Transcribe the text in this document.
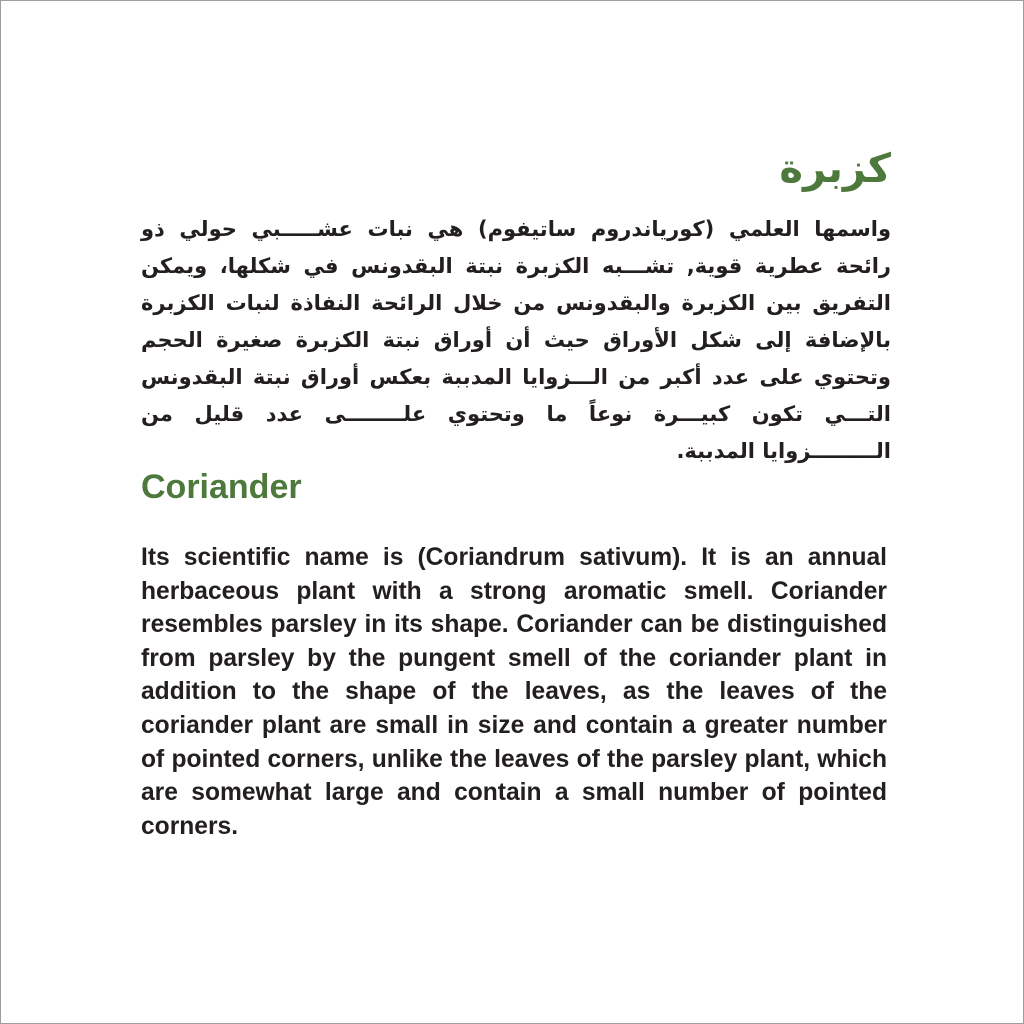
كزبرة

واسمها العلمي (كورياندروم ساتيفوم) هي نبات عشـــــبي حولي ذو رائحة عطرية قوية, تشـــبه الكزبرة نبتة البقدونس في شكلها، ويمكن التفريق بين الكزبرة والبقدونس من خلال الرائحة النفاذة لنبات الكزبرة بالإضافة إلى شكل الأوراق حيث أن أوراق نبتة الكزبرة صغيرة الحجم وتحتوي على عدد أكبر من الـــزوايا المدببة بعكس أوراق نبتة البقدونس التـــي تكون كبيـــرة نوعاً ما وتحتوي علــــــــى عدد قليل من الـــــــــزوايا المدببة.

Coriander

Its scientific name is (Coriandrum sativum). It is an annual herbaceous plant with a strong aromatic smell. Coriander resembles parsley in its shape. Coriander can be distinguished from parsley by the pungent smell of the coriander plant in addition to the shape of the leaves, as the leaves of the coriander plant are small in size and contain a greater number of pointed corners, unlike the leaves of the parsley plant, which are somewhat large and contain a small number of pointed corners.
